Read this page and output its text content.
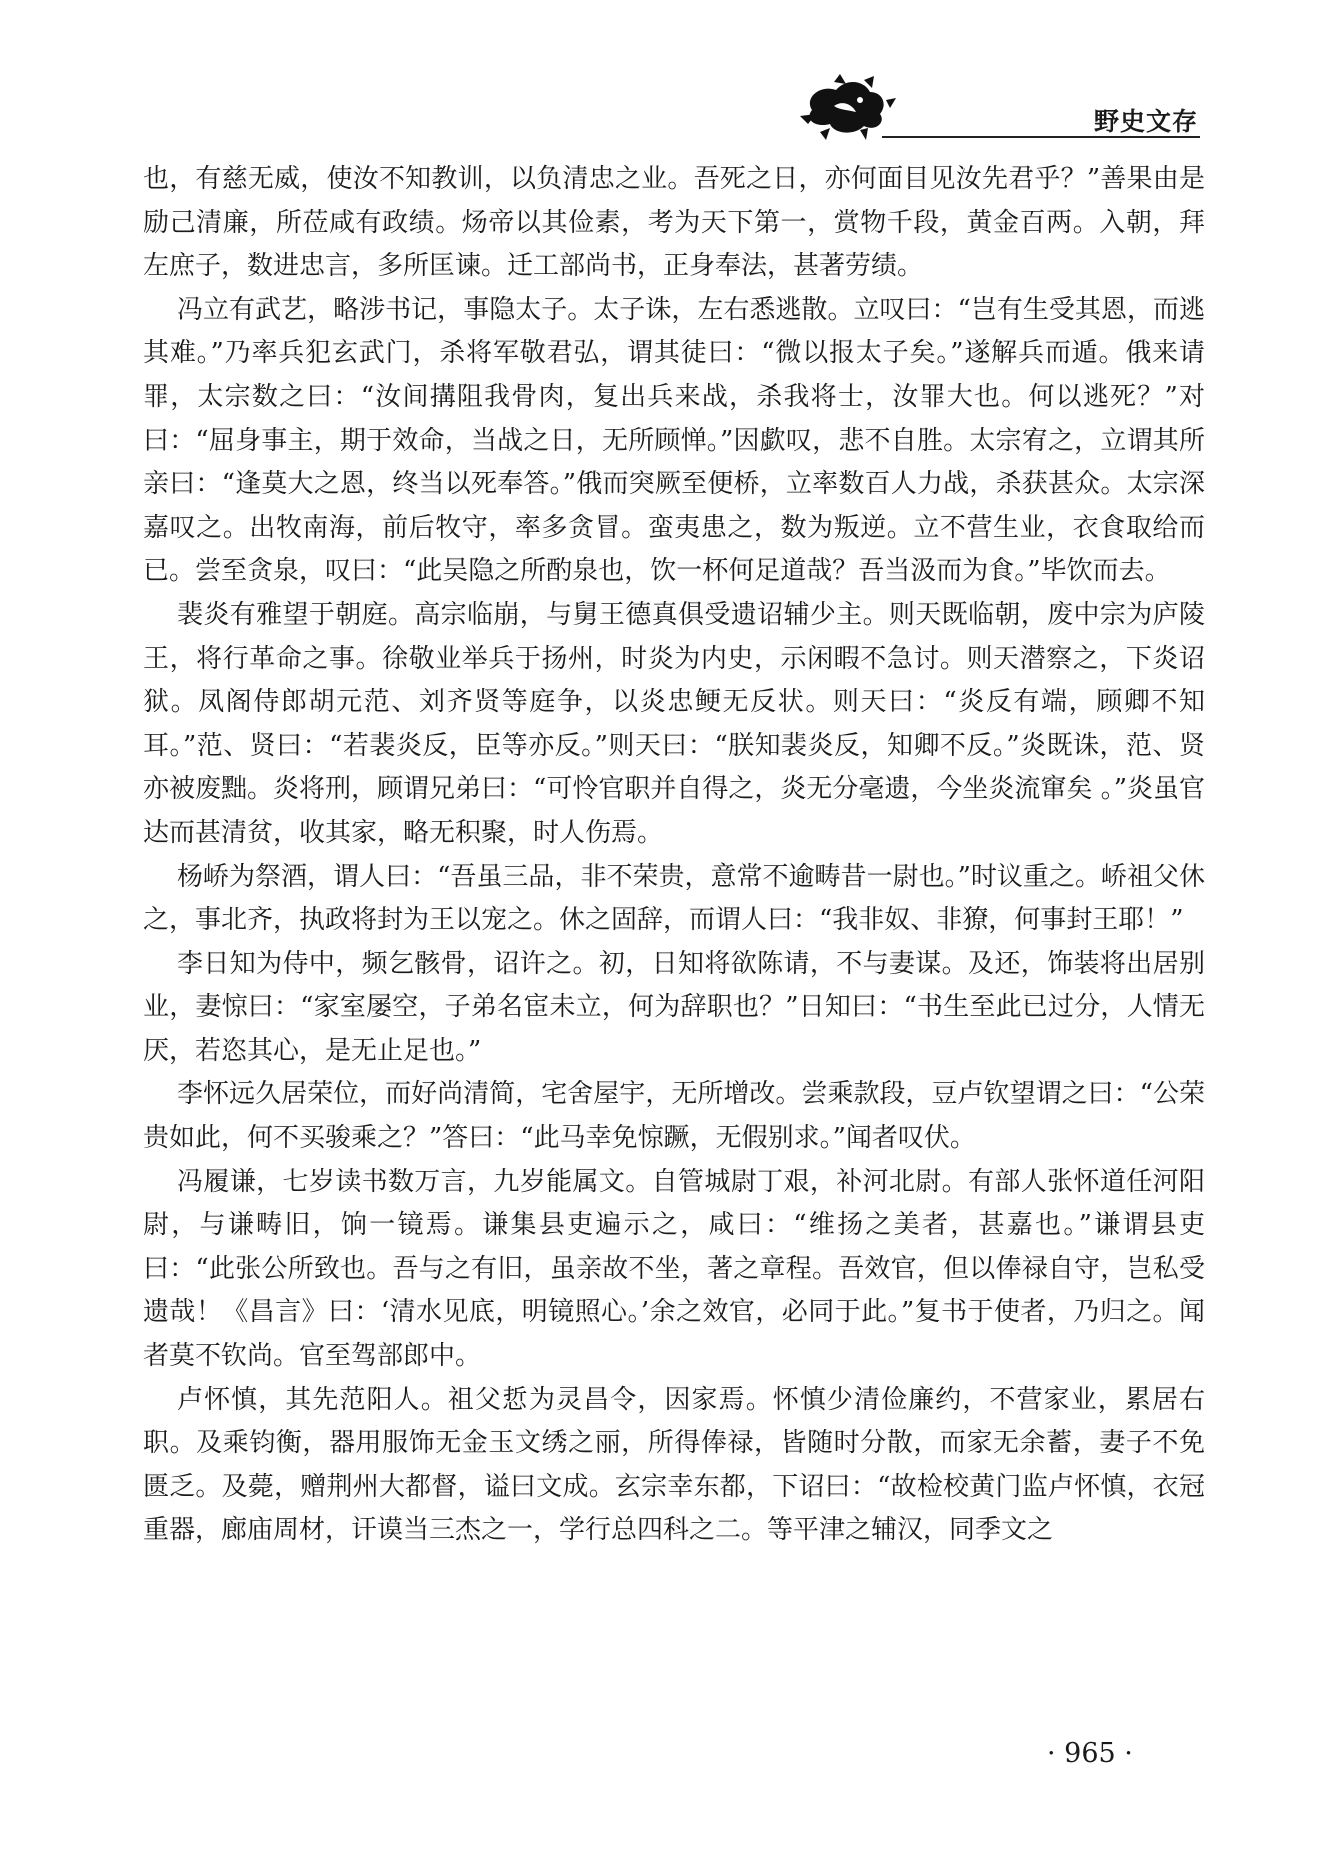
野史文存

也，有慈无威，使汝不知教训，以负清忠之业。吾死之日，亦何面目见汝先君乎？”善果由是励己清廉，所莅咸有政绩。炀帝以其俭素，考为天下第一，赏物千段，黄金百两。入朝，拜左庶子，数进忠言，多所匡谏。迁工部尚书，正身奉法，甚著劳绩。

冯立有武艺，略涉书记，事隐太子。太子诛，左右悉逃散。立叹曰：“岂有生受其恩，而逃其难。”乃率兵犯玄武门，杀将军敬君弘，谓其徒曰：“微以报太子矣。”遂解兵而遁。俄来请罪，太宗数之曰：“汝间搆阻我骨肉，复出兵来战，杀我将士，汝罪大也。何以逃死？”对曰：“屈身事主，期于效命，当战之日，无所顾惮。”因歔叹，悲不自胜。太宗宥之，立谓其所亲曰：“逢莫大之恩，终当以死奉答。”俄而突厥至便桥，立率数百人力战，杀获甚众。太宗深嘉叹之。出牧南海，前后牧守，率多贪冒。蛮夷患之，数为叛逆。立不营生业，衣食取给而已。尝至贪泉，叹曰：“此吴隐之所酌泉也，饮一杯何足道哉？吾当汲而为食。”毕饮而去。

裴炎有雅望于朝庭。高宗临崩，与舅王德真俱受遗诏辅少主。则天既临朝，废中宗为庐陵王，将行革命之事。徐敬业举兵于扬州，时炎为内史，示闲暇不急讨。则天潜察之，下炎诏狱。凤阁侍郎胡元范、刘齐贤等庭争，以炎忠鲠无反状。则天曰：“炎反有端，顾卿不知耳。”范、贤曰：“若裴炎反，臣等亦反。”则天曰：“朕知裴炎反，知卿不反。”炎既诛，范、贤亦被废黜。炎将刑，顾谓兄弟曰：“可怜官职并自得之，炎无分毫遗，今坐炎流窜矣 。”炎虽官达而甚清贫，收其家，略无积聚，时人伤焉。

杨峤为祭酒，谓人曰：“吾虽三品，非不荣贵，意常不逾畴昔一尉也。”时议重之。峤祖父休之，事北齐，执政将封为王以宠之。休之固辞，而谓人曰：“我非奴、非獠，何事封王耶！”

李日知为侍中，频乞骸骨，诏许之。初，日知将欲陈请，不与妻谋。及还，饰装将出居别业，妻惊曰：“家室屡空，子弟名宦未立，何为辞职也？”日知曰：“书生至此已过分，人情无厌，若恣其心，是无止足也。”

李怀远久居荣位，而好尚清简，宅舍屋宇，无所增改。尝乘款段，豆卢钦望谓之曰：“公荣贵如此，何不买骏乘之？”答曰：“此马幸免惊蹶，无假别求。”闻者叹伏。

冯履谦，七岁读书数万言，九岁能属文。自管城尉丁艰，补河北尉。有部人张怀道任河阳尉，与谦畴旧，饷一镜焉。谦集县吏遍示之，咸曰：“维扬之美者，甚嘉也。”谦谓县吏曰：“此张公所致也。吾与之有旧，虽亲故不坐，著之章程。吾效官，但以俸禄自守，岂私受遗哉！《昌言》曰：‘清水见底，明镜照心。’余之效官，必同于此。”复书于使者，乃归之。闻者莫不钦尚。官至驾部郎中。

卢怀慎，其先范阳人。祖父悊为灵昌令，因家焉。怀慎少清俭廉约，不营家业，累居右职。及乘钧衡，器用服饰无金玉文绣之丽，所得俸禄，皆随时分散，而家无余蓄，妻子不免匮乏。及薨，赠荆州大都督，谥曰文成。玄宗幸东都，下诏曰：“故检校黄门监卢怀慎，衣冠重器，廊庙周材，讦谟当三杰之一，学行总四科之二。等平津之辅汉，同季文之

· 965 ·
